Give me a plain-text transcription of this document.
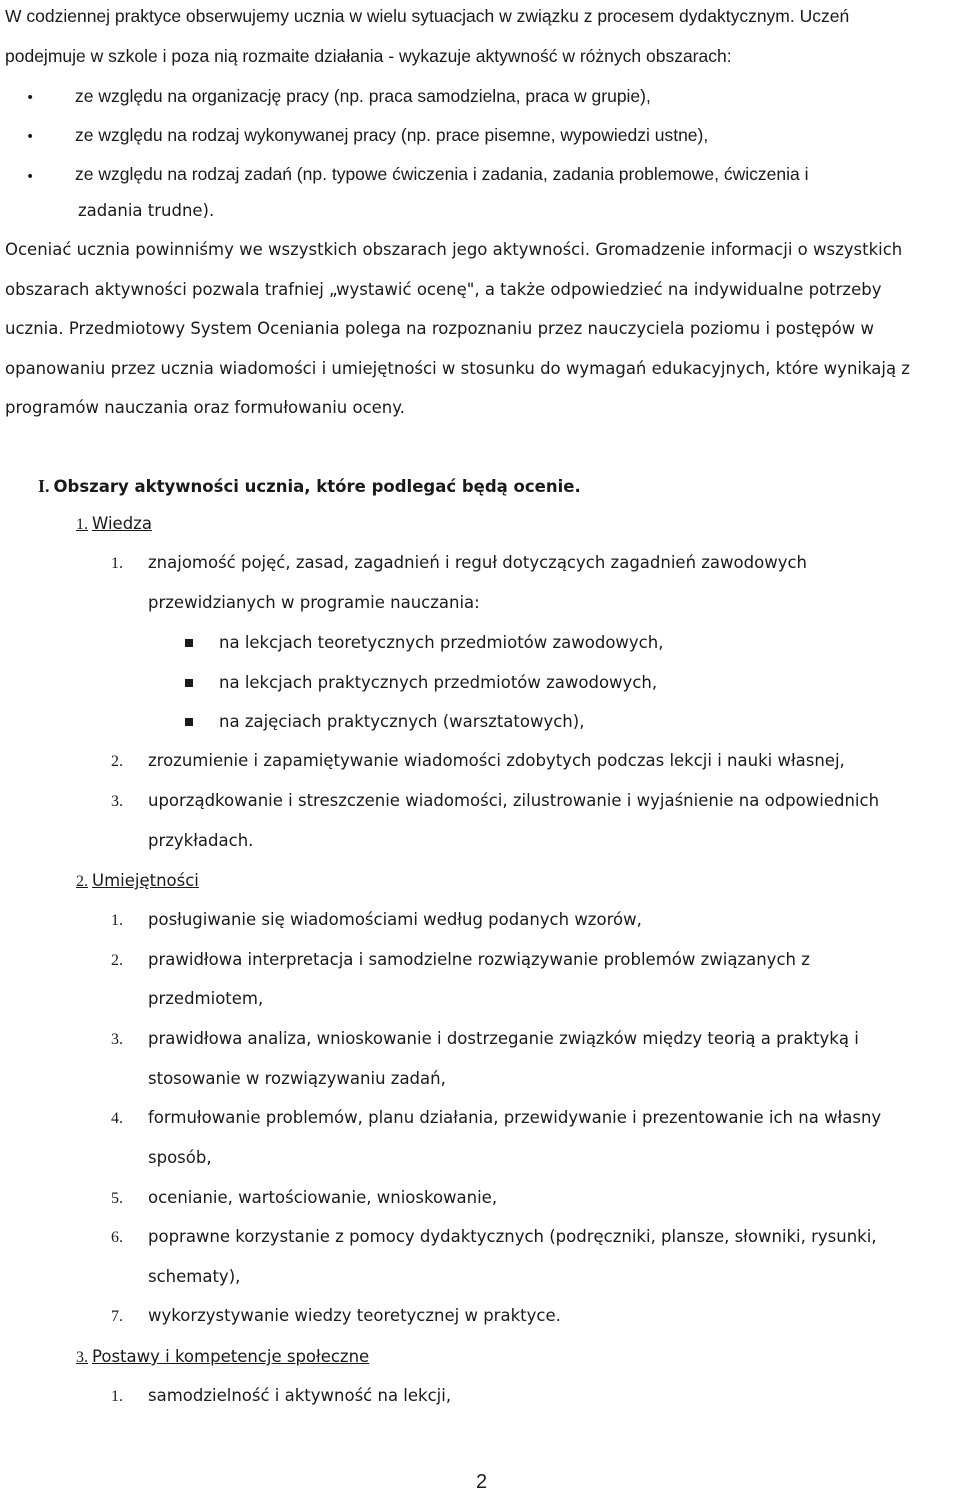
W codziennej praktyce obserwujemy ucznia w wielu sytuacjach w związku z procesem dydaktycznym. Uczeń
podejmuje w szkole i poza nią rozmaite działania - wykazuje aktywność w różnych obszarach:
• ze względu na organizację pracy (np. praca samodzielna, praca w grupie),
• ze względu na rodzaj wykonywanej pracy (np. prace pisemne, wypowiedzi ustne),
• ze względu na rodzaj zadań (np. typowe ćwiczenia i zadania, zadania problemowe, ćwiczenia i
zadania trudne).
Oceniać ucznia powinniśmy we wszystkich obszarach jego aktywności. Gromadzenie informacji o wszystkich
obszarach aktywności pozwala trafniej „wystawić ocenę", a także odpowiedzieć na indywidualne potrzeby
ucznia. Przedmiotowy System Oceniania polega na rozpoznaniu przez nauczyciela poziomu i postępów w
opanowaniu przez ucznia wiadomości i umiejętności w stosunku do wymagań edukacyjnych, które wynikają z
programów nauczania oraz formułowaniu oceny.
I. Obszary aktywności ucznia, które podlegać będą ocenie.
1. Wiedza
1. znajomość pojęć, zasad, zagadnień i reguł dotyczących zagadnień zawodowych
przewidzianych w programie nauczania:
na lekcjach teoretycznych przedmiotów zawodowych,
na lekcjach praktycznych przedmiotów zawodowych,
na zajęciach praktycznych (warsztatowych),
2. zrozumienie i zapamiętywanie wiadomości zdobytych podczas lekcji i nauki własnej,
3. uporządkowanie i streszczenie wiadomości, zilustrowanie i wyjaśnienie na odpowiednich
przykładach.
2. Umiejętności
1. posługiwanie się wiadomościami według podanych wzorów,
2. prawidłowa interpretacja i samodzielne rozwiązywanie problemów związanych z
przedmiotem,
3. prawidłowa analiza, wnioskowanie i dostrzeganie związków między teorią a praktyką i
stosowanie w rozwiązywaniu zadań,
4. formułowanie problemów, planu działania, przewidywanie i prezentowanie ich na własny
sposób,
5. ocenianie, wartościowanie, wnioskowanie,
6. poprawne korzystanie z pomocy dydaktycznych (podręczniki, plansze, słowniki, rysunki,
schematy),
7. wykorzystywanie wiedzy teoretycznej w praktyce.
3. Postawy i kompetencje społeczne
1. samodzielność i aktywność na lekcji,
2
